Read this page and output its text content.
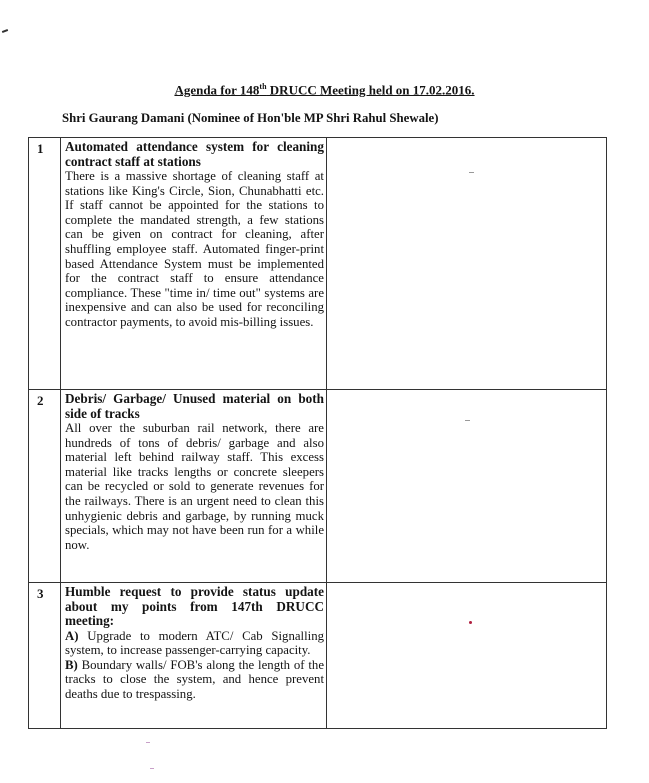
Agenda for 148th DRUCC Meeting held on 17.02.2016.
Shri Gaurang Damani (Nominee of Hon'ble MP Shri Rahul Shewale)
1	Automated attendance system for cleaning contract staff at stations

There is a massive shortage of cleaning staff at stations like King's Circle, Sion, Chunabhatti etc. If staff cannot be appointed for the stations to complete the mandated strength, a few stations can be given on contract for cleaning, after shuffling employee staff. Automated finger-print based Attendance System must be implemented for the contract staff to ensure attendance compliance. These "time in/ time out" systems are inexpensive and can also be used for reconciling contractor payments, to avoid mis-billing issues.	

2	Debris/ Garbage/ Unused material on both side of tracks

All over the suburban rail network, there are hundreds of tons of debris/ garbage and also material left behind railway staff. This excess material like tracks lengths or concrete sleepers can be recycled or sold to generate revenues for the railways. There is an urgent need to clean this unhygienic debris and garbage, by running muck specials, which may not have been run for a while now.	

3	Humble request to provide status update about my points from 147th DRUCC meeting:

A) Upgrade to modern ATC/ Cab Signalling system, to increase passenger-carrying capacity.

B) Boundary walls/ FOB's along the length of the tracks to close the system, and hence prevent deaths due to trespassing.	
